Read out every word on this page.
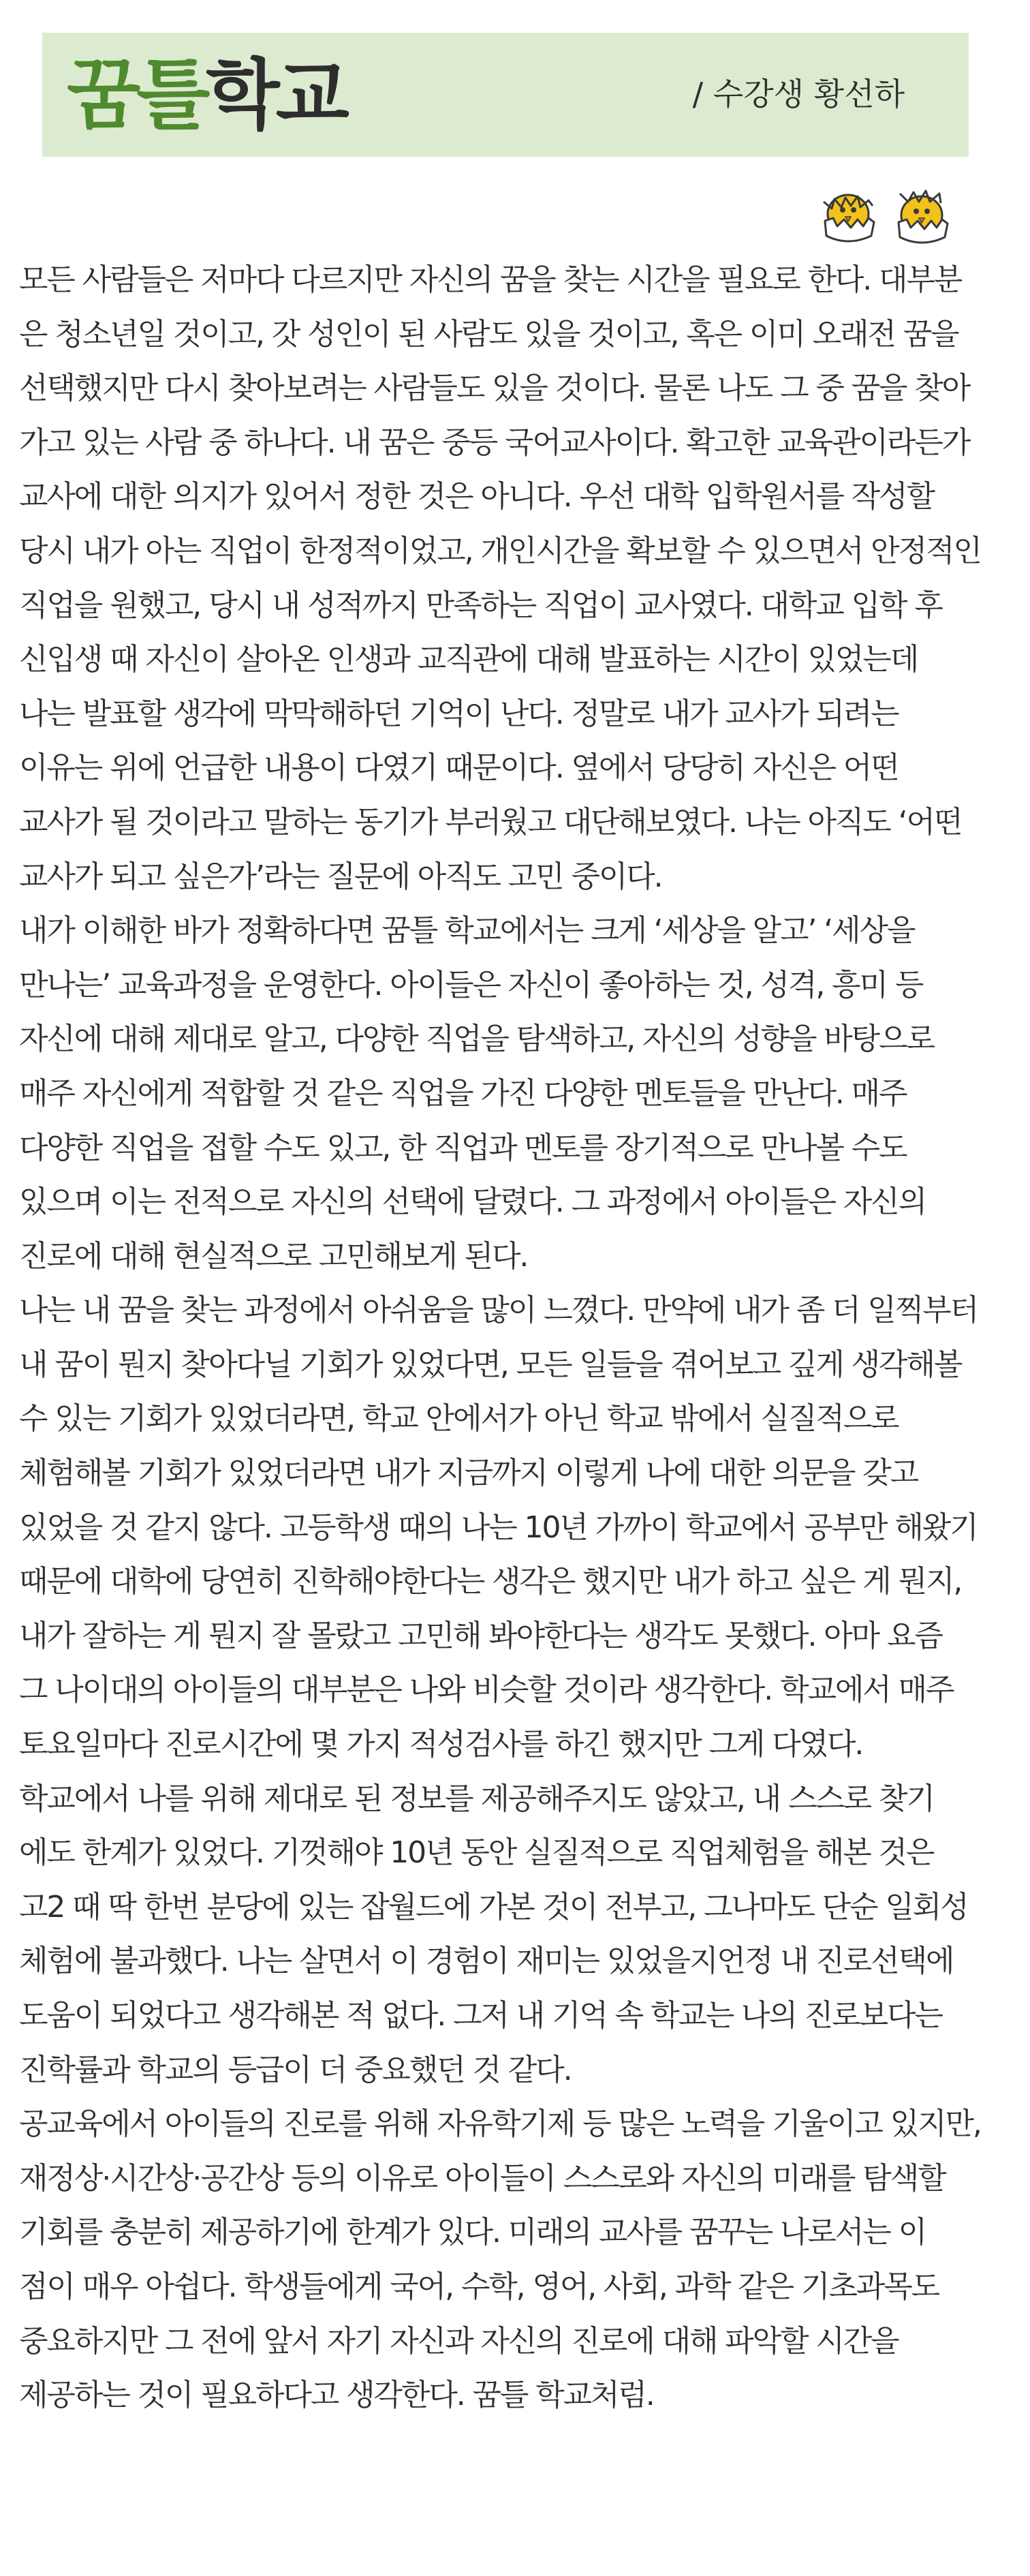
꿈틀학교	/ 수강생 황선하
모든 사람들은 저마다 다르지만 자신의 꿈을 찾는 시간을 필요로 한다. 대부분
은 청소년일 것이고, 갓 성인이 된 사람도 있을 것이고, 혹은 이미 오래전 꿈을
선택했지만 다시 찾아보려는 사람들도 있을 것이다. 물론 나도 그 중 꿈을 찾아
가고 있는 사람 중 하나다. 내 꿈은 중등 국어교사이다. 확고한 교육관이라든가
교사에 대한 의지가 있어서 정한 것은 아니다. 우선 대학 입학원서를 작성할
당시 내가 아는 직업이 한정적이었고, 개인시간을 확보할 수 있으면서 안정적인
직업을 원했고, 당시 내 성적까지 만족하는 직업이 교사였다. 대학교 입학 후
신입생 때 자신이 살아온 인생과 교직관에 대해 발표하는 시간이 있었는데
나는 발표할 생각에 막막해하던 기억이 난다. 정말로 내가 교사가 되려는
이유는 위에 언급한 내용이 다였기 때문이다. 옆에서 당당히 자신은 어떤
교사가 될 것이라고 말하는 동기가 부러웠고 대단해보였다. 나는 아직도 ‘어떤
교사가 되고 싶은가’라는 질문에 아직도 고민 중이다.
내가 이해한 바가 정확하다면 꿈틀 학교에서는 크게 ‘세상을 알고’ ‘세상을
만나는’ 교육과정을 운영한다. 아이들은 자신이 좋아하는 것, 성격, 흥미 등
자신에 대해 제대로 알고, 다양한 직업을 탐색하고, 자신의 성향을 바탕으로
매주 자신에게 적합할 것 같은 직업을 가진 다양한 멘토들을 만난다. 매주
다양한 직업을 접할 수도 있고, 한 직업과 멘토를 장기적으로 만나볼 수도
있으며 이는 전적으로 자신의 선택에 달렸다. 그 과정에서 아이들은 자신의
진로에 대해 현실적으로 고민해보게 된다.
나는 내 꿈을 찾는 과정에서 아쉬움을 많이 느꼈다. 만약에 내가 좀 더 일찍부터
내 꿈이 뭔지 찾아다닐 기회가 있었다면, 모든 일들을 겪어보고 깊게 생각해볼
수 있는 기회가 있었더라면, 학교 안에서가 아닌 학교 밖에서 실질적으로
체험해볼 기회가 있었더라면 내가 지금까지 이렇게 나에 대한 의문을 갖고
있었을 것 같지 않다. 고등학생 때의 나는 10년 가까이 학교에서 공부만 해왔기
때문에 대학에 당연히 진학해야한다는 생각은 했지만 내가 하고 싶은 게 뭔지,
내가 잘하는 게 뭔지 잘 몰랐고 고민해 봐야한다는 생각도 못했다. 아마 요즘
그 나이대의 아이들의 대부분은 나와 비슷할 것이라 생각한다. 학교에서 매주
토요일마다 진로시간에 몇 가지 적성검사를 하긴 했지만 그게 다였다.
학교에서 나를 위해 제대로 된 정보를 제공해주지도 않았고, 내 스스로 찾기
에도 한계가 있었다. 기껏해야 10년 동안 실질적으로 직업체험을 해본 것은
고2 때 딱 한번 분당에 있는 잡월드에 가본 것이 전부고, 그나마도 단순 일회성
체험에 불과했다. 나는 살면서 이 경험이 재미는 있었을지언정 내 진로선택에
도움이 되었다고 생각해본 적 없다. 그저 내 기억 속 학교는 나의 진로보다는
진학률과 학교의 등급이 더 중요했던 것 같다.
공교육에서 아이들의 진로를 위해 자유학기제 등 많은 노력을 기울이고 있지만,
재정상·시간상·공간상 등의 이유로 아이들이 스스로와 자신의 미래를 탐색할
기회를 충분히 제공하기에 한계가 있다. 미래의 교사를 꿈꾸는 나로서는 이
점이 매우 아쉽다. 학생들에게 국어, 수학, 영어, 사회, 과학 같은 기초과목도
중요하지만 그 전에 앞서 자기 자신과 자신의 진로에 대해 파악할 시간을
제공하는 것이 필요하다고 생각한다. 꿈틀 학교처럼.
